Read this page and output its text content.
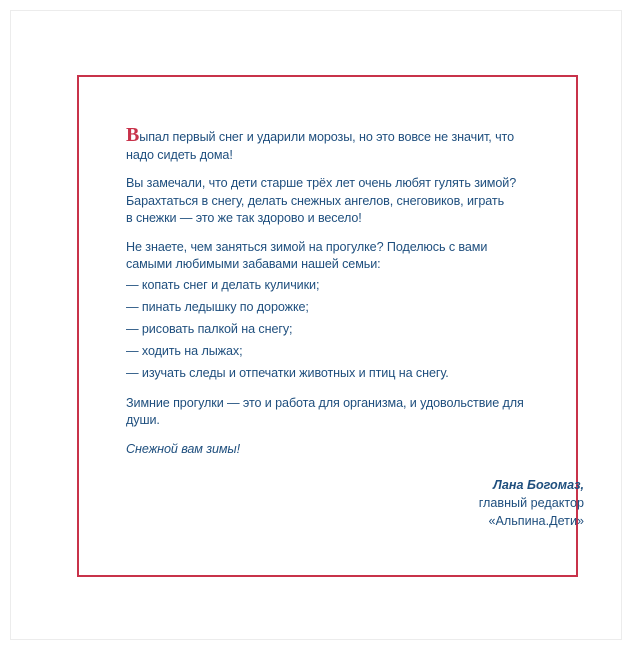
Выпал первый снег и ударили морозы, но это вовсе не значит, что
надо сидеть дома!
Вы замечали, что дети старше трёх лет очень любят гулять зимой?
Барахтаться в снегу, делать снежных ангелов, снеговиков, играть
в снежки — это же так здорово и весело!
Не знаете, чем заняться зимой на прогулке? Поделюсь с вами
самыми любимыми забавами нашей семьи:
— копать снег и делать куличики;
— пинать ледышку по дорожке;
— рисовать палкой на снегу;
— ходить на лыжах;
— изучать следы и отпечатки животных и птиц на снегу.
Зимние прогулки — это и работа для организма, и удовольствие для
души.
Снежной вам зимы!
Лана Богомаз,
главный редактор
«Альпина.Дети»
